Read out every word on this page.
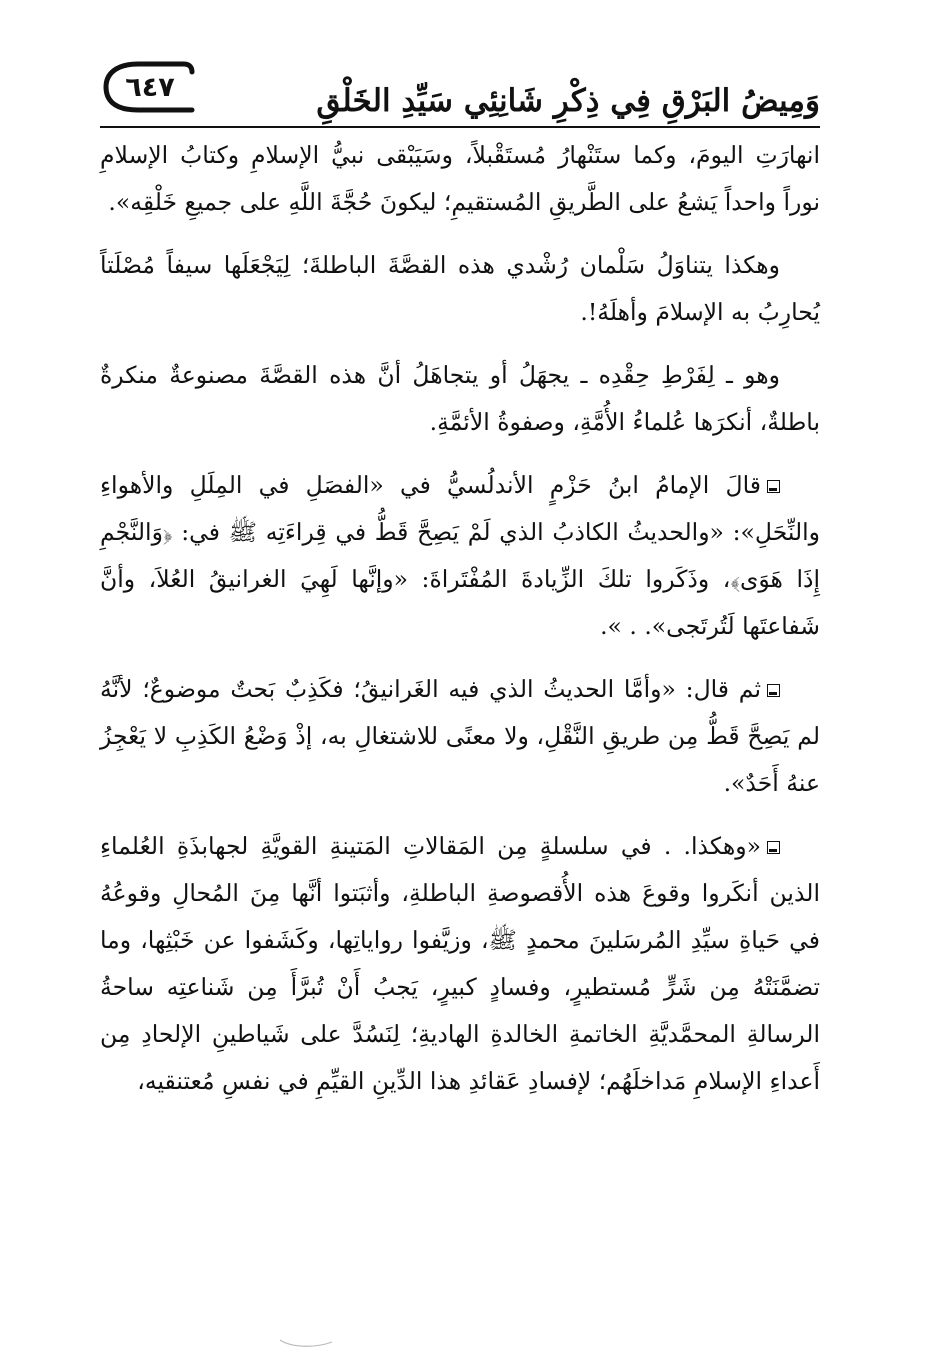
وَمِيضُ البَرْقِ فِي ذِكْرِ شَانِئِي سَيِّدِ الخَلْقِ
٦٤٧

انهارَتِ اليومَ، وكما ستَنْهارُ مُستَقْبلاً، وسَيَبْقى نبيُّ الإسلامِ وكتابُ الإسلامِ نوراً واحداً يَشعُ على الطَّريقِ المُستقيمِ؛ ليكونَ حُجَّةَ اللَّهِ على جميعِ خَلْقِه».

وهكذا يتناوَلُ سَلْمان رُشْدي هذه القصَّةَ الباطلةَ؛ لِيَجْعَلَها سيفاً مُصْلَتاً يُحارِبُ به الإسلامَ وأهلَهُ!.

وهو ـ لِفَرْطِ حِقْدِه ـ يجهَلُ أو يتجاهَلُ أنَّ هذه القصَّةَ مصنوعةٌ منكرةٌ باطلةٌ، أنكرَها عُلماءُ الأُمَّةِ، وصفوةُ الأئمَّةِ.

قالَ الإمامُ ابنُ حَزْمٍ الأندلُسيُّ في «الفصَلِ في المِلَلِ والأهواءِ والنِّحَلِ»: «والحديثُ الكاذبُ الذي لَمْ يَصِحَّ قَطُّ في قِراءَتِه ﷺ في: ﴿وَالنَّجْمِ إِذَا هَوَى﴾، وذَكَروا تلكَ الزِّيادةَ المُفْتَراةَ: «وإنَّها لَهِيَ الغرانيقُ العُلاَ، وأنَّ شَفاعتَها لَتُرتَجى». . ».

ثم قال: «وأمَّا الحديثُ الذي فيه الغَرانيقُ؛ فكَذِبٌ بَحتٌ موضوعٌ؛ لأنَّهُ لم يَصِحَّ قَطُّ مِن طريقِ النَّقْلِ، ولا معنًى للاشتغالِ به، إذْ وَضْعُ الكَذِبِ لا يَعْجِزُ عنهُ أَحَدٌ».

«وهكذا. . في سلسلةٍ مِن المَقالاتِ المَتينةِ القويَّةِ لجهابذَةِ العُلماءِ الذين أنكَروا وقوعَ هذه الأُقصوصةِ الباطلةِ، وأثبَتوا أنَّها مِنَ المُحالِ وقوعُهُ في حَياةِ سيِّدِ المُرسَلينَ محمدٍ ﷺ، وزيَّفوا رواياتِها، وكَشَفوا عن خَبْثِها، وما تضمَّنَتْهُ مِن شَرٍّ مُستطيرٍ، وفسادٍ كبيرٍ، يَجبُ أَنْ تُبرَّأَ مِن شَناعتِه ساحةُ الرسالةِ المحمَّديَّةِ الخاتمةِ الخالدةِ الهاديةِ؛ لِنَسُدَّ على شَياطينِ الإلحادِ مِن أَعداءِ الإسلامِ مَداخلَهُم؛ لإفسادِ عَقائدِ هذا الدِّينِ القيِّمِ في نفسِ مُعتنقيه،
